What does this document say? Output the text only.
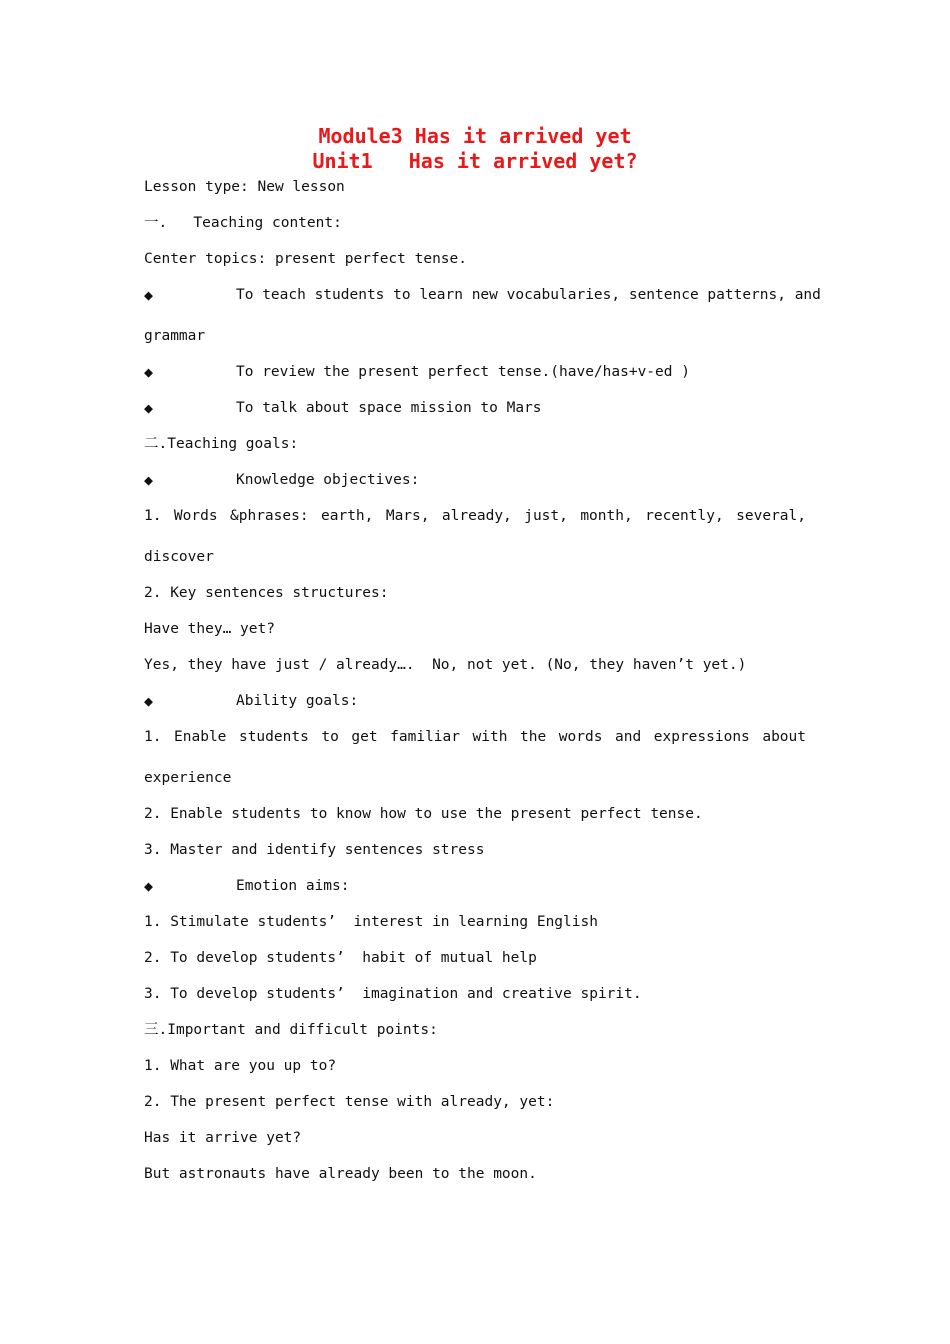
Module3 Has it arrived yet
Unit1   Has it arrived yet?
Lesson type: New lesson
一.   Teaching content:
Center topics: present perfect tense.

◆

	To teach students to learn new vocabularies, sentence patterns, and

grammar

◆

	To review the present perfect tense.(have/has+v-ed )

◆

	To talk about space mission to Mars

二.Teaching goals:

◆

	Knowledge objectives:

1. Words &phrases: earth, Mars, already, just, month, recently, several,
discover
2. Key sentences structures:
Have they… yet?
Yes, they have just / already….  No, not yet. (No, they haven’t yet.)

◆

	Ability goals:

1. Enable students to get familiar with the words and expressions about
experience
2. Enable students to know how to use the present perfect tense.
3. Master and identify sentences stress

◆

	Emotion aims:

1. Stimulate students’  interest in learning English
2. To develop students’  habit of mutual help
3. To develop students’  imagination and creative spirit.
三.Important and difficult points:
1. What are you up to?
2. The present perfect tense with already, yet:
Has it arrive yet?
But astronauts have already been to the moon.
